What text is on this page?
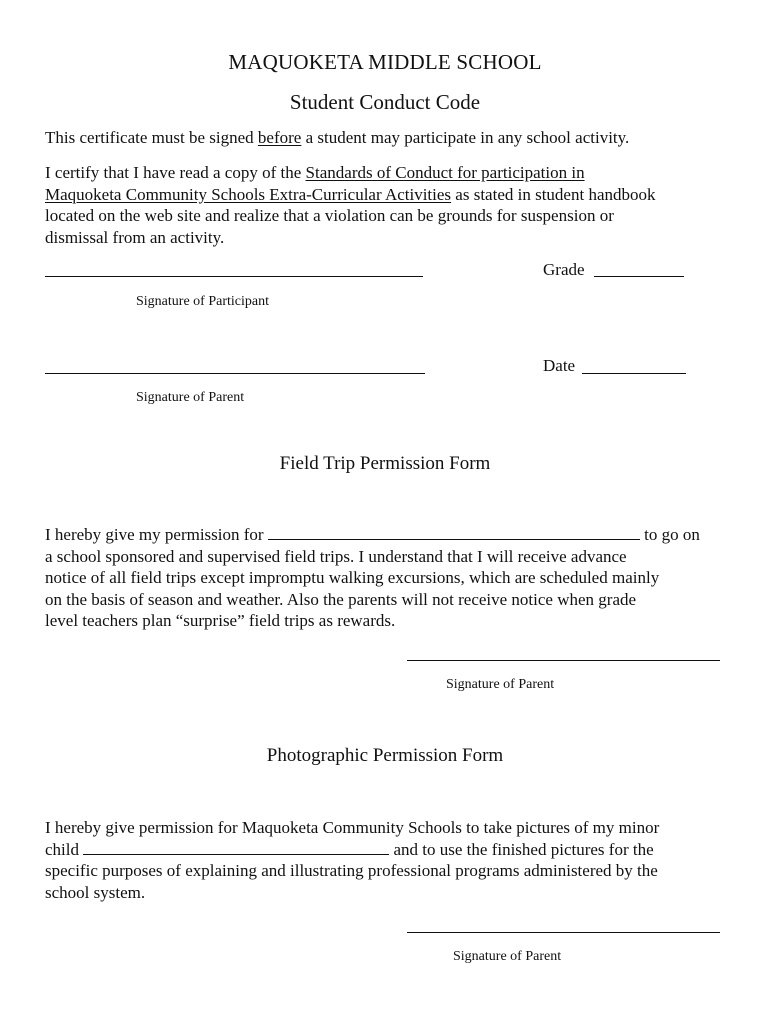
MAQUOKETA MIDDLE SCHOOL
Student Conduct Code
This certificate must be signed before a student may participate in any school activity.
I certify that I have read a copy of the Standards of Conduct for participation in
Maquoketa Community Schools Extra-Curricular Activities as stated in student handbook
located on the web site and realize that a violation can be grounds for suspension or
dismissal from an activity.
Grade
Signature of Participant
Date
Signature of Parent
Field Trip Permission Form
I hereby give my permission for	to go on
a school sponsored and supervised field trips. I understand that I will receive advance
notice of all field trips except impromptu walking excursions, which are scheduled mainly
on the basis of season and weather. Also the parents will not receive notice when grade
level teachers plan “surprise” field trips as rewards.
Signature of Parent
Photographic Permission Form
I hereby give permission for Maquoketa Community Schools to take pictures of my minor
child	and to use the finished pictures for the
specific purposes of explaining and illustrating professional programs administered by the
school system.
Signature of Parent
